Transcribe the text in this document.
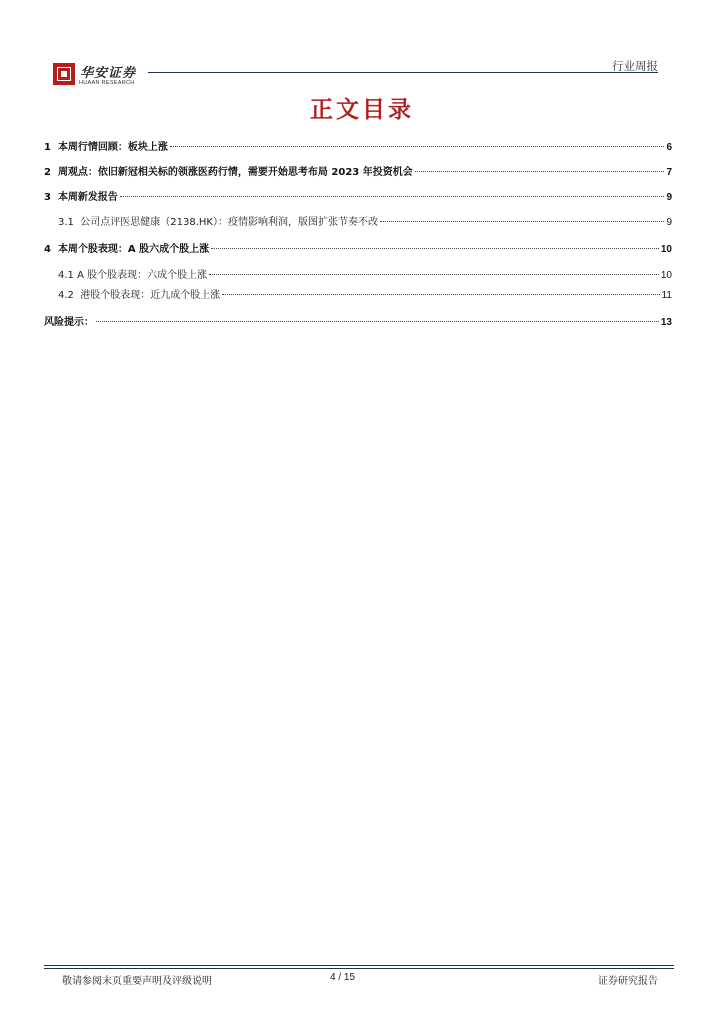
华安证券
HUAAN RESEARCH
行业周报
正文目录
1 本周行情回顾：板块上涨	6
2 周观点：依旧新冠相关标的领涨医药行情，需要开始思考布局 2023 年投资机会	7
3 本周新发报告	9
3.1 公司点评医思健康（2138.HK）：疫情影响利润，版图扩张节奏不改	9
4 本周个股表现：A 股六成个股上涨	10
4.1 A 股个股表现：六成个股上涨	10
4.2 港股个股表现：近九成个股上涨	11
风险提示：	13
敬请参阅末页重要声明及评级说明	4 / 15	证券研究报告
